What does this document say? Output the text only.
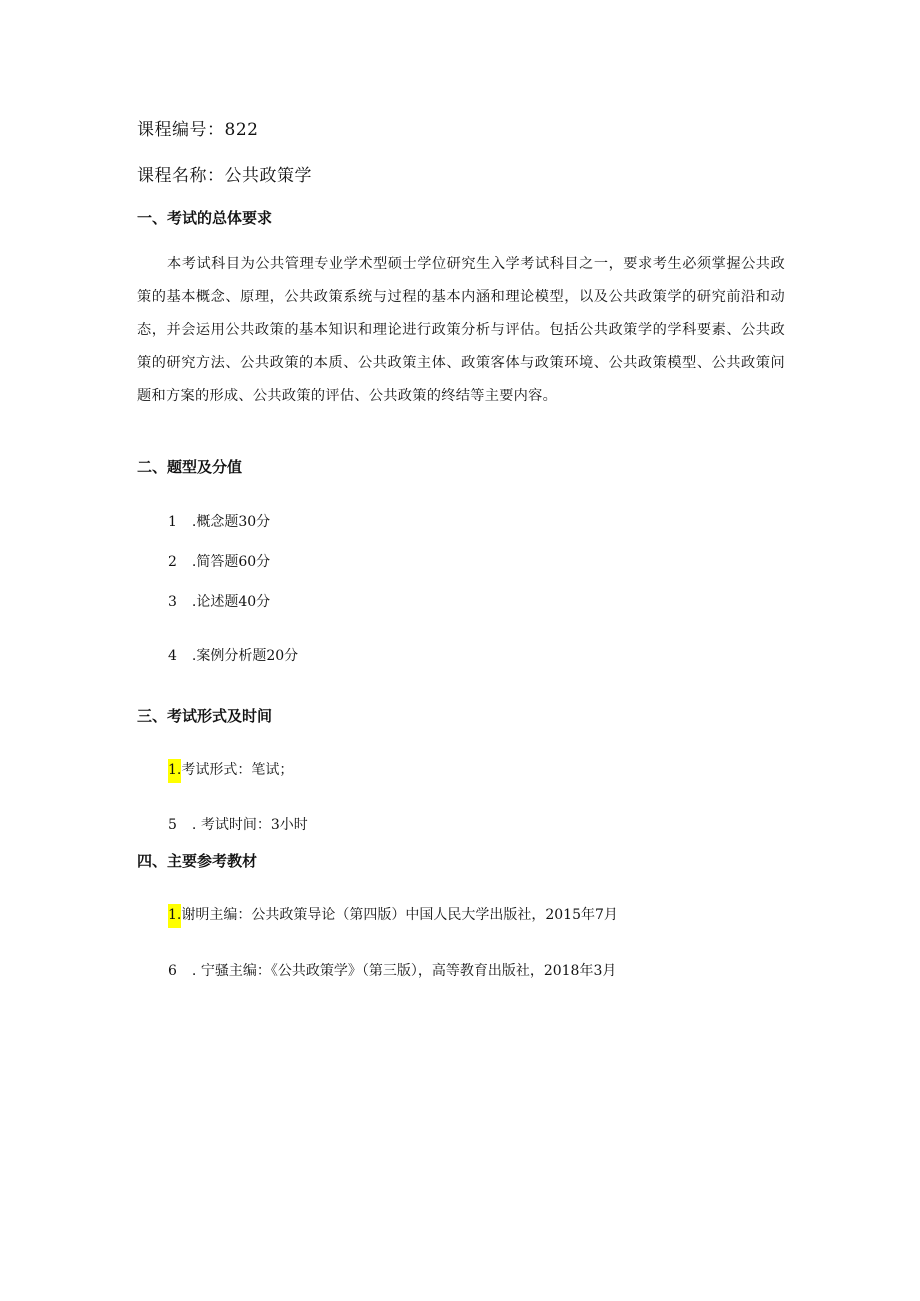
课程编号：822
课程名称：公共政策学
一、考试的总体要求
本考试科目为公共管理专业学术型硕士学位研究生入学考试科目之一，要求考生必须掌握公共政策的基本概念、原理，公共政策系统与过程的基本内涵和理论模型，以及公共政策学的研究前沿和动态，并会运用公共政策的基本知识和理论进行政策分析与评估。包括公共政策学的学科要素、公共政策的研究方法、公共政策的本质、公共政策主体、政策客体与政策环境、公共政策模型、公共政策问题和方案的形成、公共政策的评估、公共政策的终结等主要内容。
二、题型及分值
1 .概念题30分
2 .简答题60分
3 .论述题40分
4 .案例分析题20分
三、考试形式及时间
1.考试形式：笔试；
5 . 考试时间：3小时
四、主要参考教材
1.谢明主编：公共政策导论（第四版）中国人民大学出版社，2015年7月
6 . 宁骚主编：《公共政策学》（第三版），高等教育出版社，2018年3月
